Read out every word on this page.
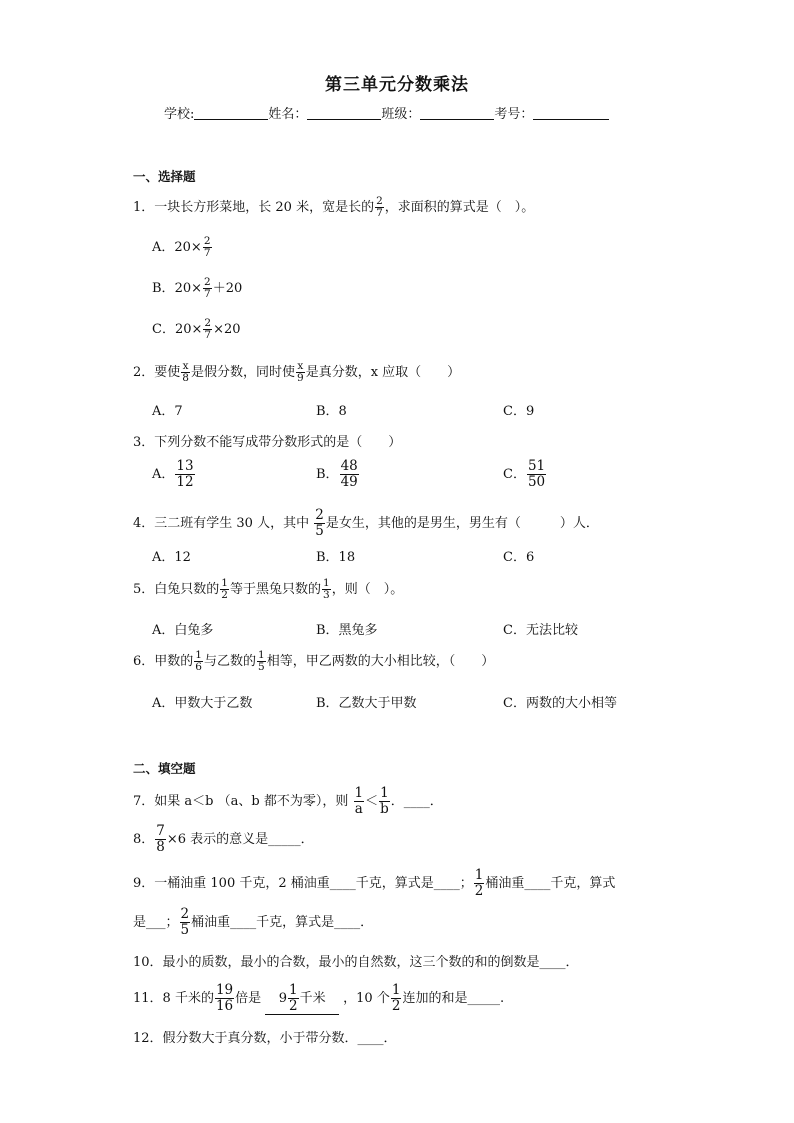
第三单元分数乘法
学校:	姓名：	班级：	考号：
一、选择题
1．一块长方形菜地，长 20 米，宽是长的 $\frac{2}{7}$ ，求面积的算式是（　）。
A．$20\times \frac{2}{7}$
B．$20\times \frac{2}{7} +20$
C．$20\times \frac{2}{7} \times 20$
2．要使 $\frac{x}{8}$ 是假分数，同时使 $\frac{x}{9}$ 是真分数，x 应取（　　）
A．7	B．8	C．9
3．下列分数不能写成带分数形式的是（　　）
A． $\frac{13}{12}$	B． $\frac{48}{49}$	C． $\frac{51}{50}$
4．三二班有学生 30 人，其中 $\frac{2}{5}$ 是女生，其他的是男生，男生有（　　　）人．
A．12	B．18	C．6
5．白兔只数的 $\frac{1}{2}$ 等于黑兔只数的 $\frac{1}{3}$ ，则（　）。
A．白兔多	B．黑兔多	C．无法比较
6．甲数的 $\frac{1}{6}$ 与乙数的 $\frac{1}{5}$ 相等，甲乙两数的大小相比较，（　　）
A．甲数大于乙数	B．乙数大于甲数	C．两数的大小相等
二、填空题
7．如果 a＜b （a、b 都不为零），则 $\frac{1}{a} < \frac{1}{b}$ ．____．
8． $\frac{7}{8} \times 6$ 表示的意义是_____．
9．一桶油重 100 千克，2 桶油重____千克，算式是____； $\frac{1}{2}$ 桶油重____千克，算式
是___； $\frac{2}{5}$ 桶油重____千克，算式是____．
10．最小的质数，最小的合数，最小的自然数，这三个数的和的倒数是____．
11．8 千米的 $\frac{19}{16}$ 倍是 $9 \frac{1}{2}$ 千米 ，10 个 $\frac{1}{2}$ 连加的和是_____.
12．假分数大于真分数，小于带分数．____．
